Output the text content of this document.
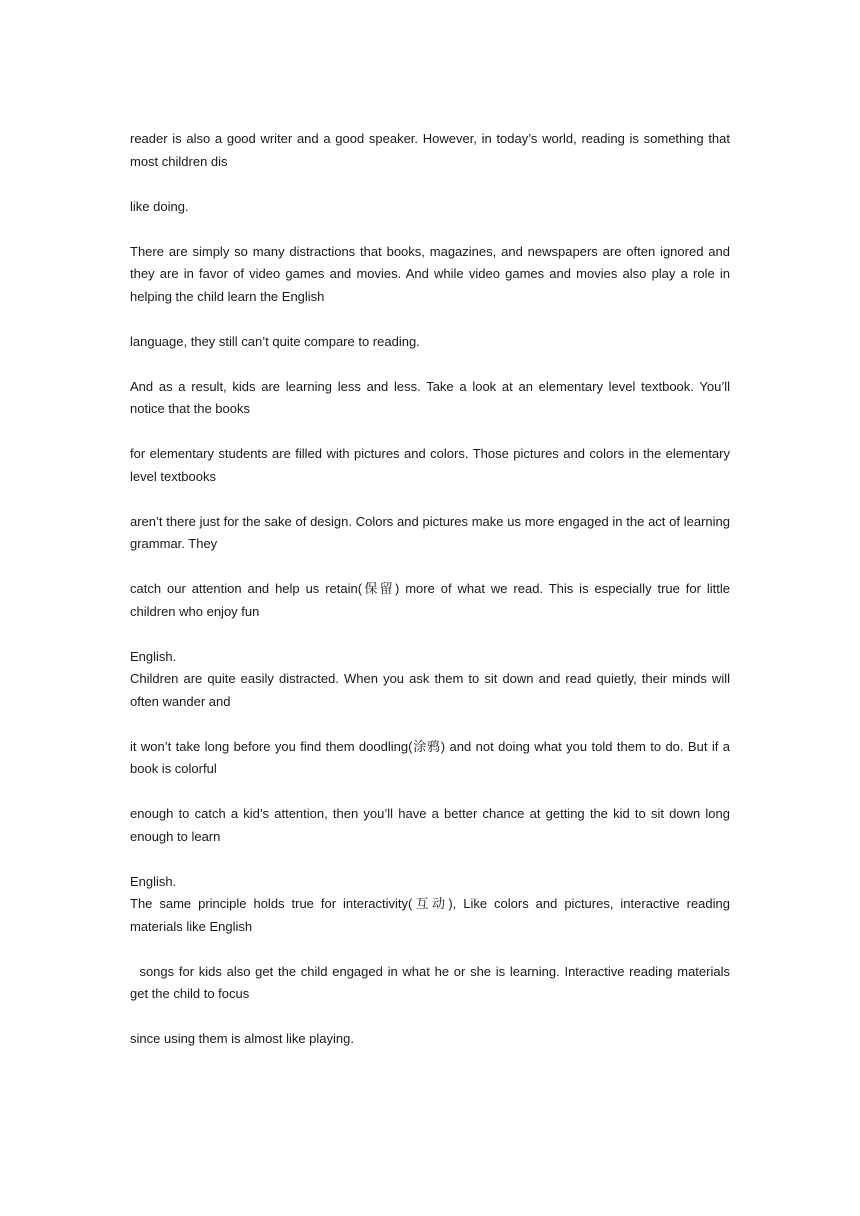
reader is also a good writer and a good speaker. However, in today’s world, reading is something that most children dis

like doing.

There are simply so many distractions that books, magazines, and newspapers are often ignored and they are in favor of video games and movies. And while video games and movies also play a role in helping the child learn the English

language, they still can’t quite compare to reading.

And as a result, kids are learning less and less. Take a look at an elementary level textbook. You’ll notice that the books

for elementary students are filled with pictures and colors. Those pictures and colors in the elementary level textbooks

aren’t there just for the sake of design. Colors and pictures make us more engaged in the act of learning grammar. They

catch our attention and help us retain(保留) more of what we read. This is especially true for little children who enjoy fun

English.

Children are quite easily distracted. When you ask them to sit down and read quietly, their minds will often wander and

it won’t take long before you find them doodling(涂鸦) and not doing what you told them to do. But if a book is colorful

enough to catch a kid’s attention, then you’ll have a better chance at getting the kid to sit down long enough to learn

English.

The same principle holds true for interactivity(互动), Like colors and pictures, interactive reading materials like English

songs for kids also get the child engaged in what he or she is learning. Interactive reading materials get the child to focus

since using them is almost like playing.
